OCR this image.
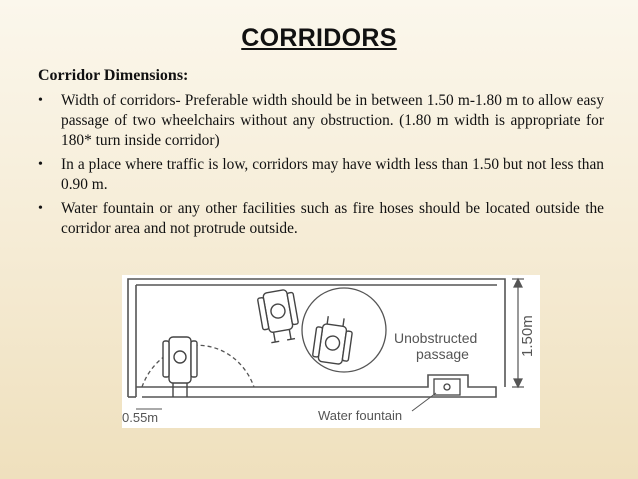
CORRIDORS
Corridor Dimensions:
• Width of corridors- Preferable width should be in between 1.50 m-1.80 m to allow easy passage of two wheelchairs without any obstruction. (1.80 m width is appropriate for 180* turn inside corridor)
• In a place where traffic is low, corridors may have width less than 1.50 but not less than 0.90 m.
• Water fountain or any other facilities such as fire hoses should be located outside the corridor area and not protrude outside.
1.50m
Unobstructed
passage
Water fountain
0.55m
